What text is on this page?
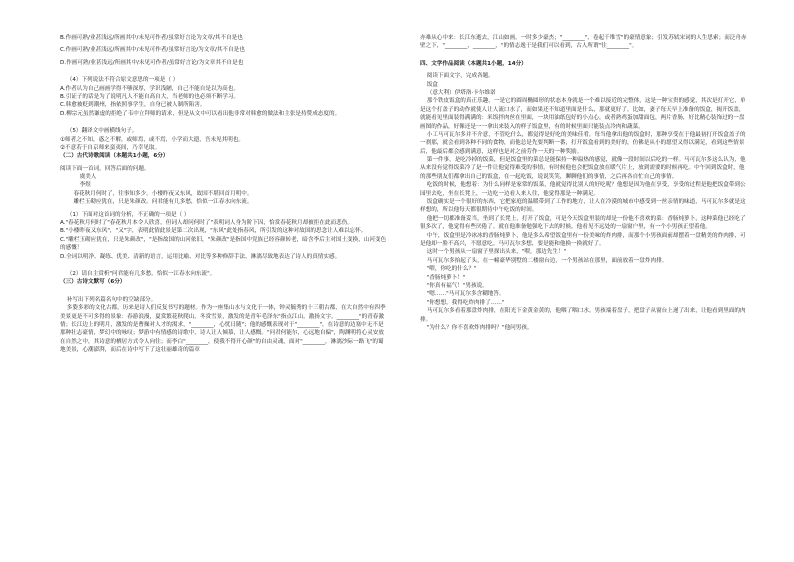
B.作画可熟/业甚浅远/所画其中/未见可作者/虽常好言论为文章/其不自是也

C.作画可熟/业甚浅远/所画其中/未见可作者/虽常好言论/为文章/其不自是也

D.作画可熟/业甚浅远/所画其中/未见可作者/虽常好言论/为文章其不自是也

（4）下列说法不符合原文意思的一项是（ ）

A.作者认为自己画画学得不够深厚，学识浅陋，自己不能自是以为高也。

B.引证子的话是为了说明凡人不能自高自大，当老师的也必须不断学习。

C.韩愈被贬到潮州，指依照事学生，自身已被人制所陷害。

D.柳宗元虽然谦虚的拒绝了韦中立拜师的请求，但是从文中可以看出他非常对韩愈的做法和主张是持赞成态度的。

（5）翻译文中画横线句子。

①师者之不知，惑之不解，或师焉，或不焉，小学而大遗，吾未见其明也。

②不意若于自京师来蛮夷间，乃幸见取。

（二）古代诗歌阅读（本题共1小题，6分）

阅读下面一首词，回答后面的问题。

虞美人

李煜

春花秋月何时了，往事知多少。小楼昨夜又东风，故国不堪回首月明中。

雕栏玉砌应犹在，只是朱颜改。问君能有几多愁，恰似一江春水向东流。

（1）下面对这首词的分析，不正确的一项是（ ）

A."春花秋月何时了"春花秋月本令人欣喜，但词人却问何时了"表明词人身为阶下囚，恰赏春花秋月却被拒在此而悲伤。

B."小楼昨夜又东风"，"又"字，表明此情此景是第二次出现，"东风"此处指春风，所引发的这种对故国的思念让人难以忘怀。

C."雕栏玉砌应犹在，只是朱颜改"，"是指故国的山河依旧，"朱颜改"是指国中党族已经容颜转老，暗含李后主对国土变换，山河变色的感慨！

D.全词以明净、凝练、优美、清新的语言，运用比喻、对比等多种修辞手法，淋漓尽致地表达了诗人的真情实感。

（2）请自主赏析"问君能有几多愁，恰似一江春水向东流"。

（三）古诗文默写（6分）

补写出下列名篇名句中的空缺部分。

多姿多彩的文化古都，历来是诗人们反复书写的题材。作为一座集山水与文化于一体，钟灵毓秀的十三朝古都，在大自然中有四季美景更是不可多得的景象：春游浪漫，夏赏繁花秋爬山，冬赏雪景，激发的是青年毛泽东"指点江山，激扬文字，________"的青春激情；长江边上的明月，激发的是曹操对人才的渴求，"________，心忧日随"；他的感慨表现对于"________"，在诗意的边塞中无不是那种壮志豪情，梦幻中的咏叹；梦游中有情感的诗歌中，诗人让人倾慕，让人感慨。"问君何能尔，心远地自偏"，陶渊明将心灵安放在自然之中，其诗意的栖居方式令人向往；而李白"________，使我不得开心颜"的自由灵魂，面对"________，淋漓沙际一路飞"的蜀地美景，心潮澎湃，而后在诗中写下了这壮丽雄奇的篇章

亦难从心中来：长江东逝去，江山如画，一时多少豪杰；"________"，卷起千堆雪"的豪情意象；引发苏轼宋词的人生思索；而泛舟赤壁之下，"________，________，"的情志逸于是我们可以看到，古人所谓"往________"。

四、文学作品阅读（本题共1小题，14分）

阅读下面文字，完成各题。

饭盒

（意大利）伊塔洛·卡尔维诺

那个铁皮饭盒的真正乐趣，一是它的圆周椭圆形的状态本身就是一个难以接近的完整体，这是一种宝贵的感觉，其次是打开它，单是这个打盖子的动作就使人让人流口水了，而如果还不知道里面是什么，那就更好了。比如，妻子每天早上准备的饭盒，揭开饭盖，就能看见里面装得满满的：米饭拌肉丝在里面，一块用油纸包好的小点心，或者熟鸡蛋加甜面包，两片香肠，好比精心装饰过的一盘画图的作品，好像还是一一拿出来装入的样子饭盒里，有的时候里面只能装点冷肉和蔬菜。

小工马可瓦尔多并不介意，不管吃什么，都觉得是好吃的美味佳肴，每当他拿出他的饭盒时，那种享受在于他最初打开饭盒盖子的一刹那，就会看到各种不同的食物，而他总是先要判断一番，打开饭盒看到的美好的，仿佛是从小的愿望又得以满足，看到这些情景后，他最后都会感到满意，这样也是对之前劳作一天的一种奖励。

第一件事，是吃冷掉的饭菜，但是饭盒里的菜总是能保持一种温热的感觉，就像一段时间以后吃的一样。马可瓦尔多这么认为，他从来没有觉得饭菜冷了是一件让他觉得难受的事情，有时候他也会把饭盒放在暖气片上，放到需要的时候再吃。中午回到饭盒时，他的那些朋友们都拿出自己的饭盒，在一起吃饭，说说笑笑，聊聊他们的事情，之后再各自忙自己的事情。

吃饭的时候，他想着：为什么同样是家常的饭菜，他就觉得比别人的好吃呢？他想是因为他在享受，享受的过程是他把饭盒带到公园里去吃，坐在长凳上，一边吃一边看人来人往，他觉得那是一种满足。

饭盒确实是一个很好的东西，它把家庭的温暖带到了工作的地方，让人在冷漠的城市中感受到一丝亲情的味道，马可瓦尔多就是这样想的，所以他每天都很期待中午吃饭的时间。

他把一切都准备妥当，坐到了长凳上，打开了饭盒，可是今天饭盒里装的却是一份他不喜欢的菜：香肠炖萝卜，这种菜他已经吃了很多次了，他觉得有些厌倦了。就在他准备勉强吃下去的时候，他看见不远处的一扇窗户里，有一个小男孩正望着他。

中午，饭盒里是冷冰冰的香肠炖萝卜，他是多么希望饭盒里有一份美味的炸肉排，而那个小男孩面前却摆着一盘精美的炸肉排，可是他却一脸不高兴，不愿意吃。马可瓦尔多想，要是能和他换一换就好了。

这时一个男孩从一扇窗子里探出头来，"喂，那边先生！"

马可瓦尔多抬起了头，在一幢豪华别墅的二楼窗台边，一个男孩站在那里，面前放着一盘炸肉排。

"喂，你吃的什么？"

"香肠炖萝卜！"

"你真有福气！"男孩说。

"嗯……"马可瓦尔多含糊地答。

"你想想，我得吃炸肉排了……"

马可瓦尔多看着那盘炸肉排，在阳光下金黄金黄的，他咽了咽口水。男孩端着盘子，把盘子从窗台上递了出来，让他看到里面的肉排。

"为什么？你不喜欢炸肉排吗？"他问男孩。
